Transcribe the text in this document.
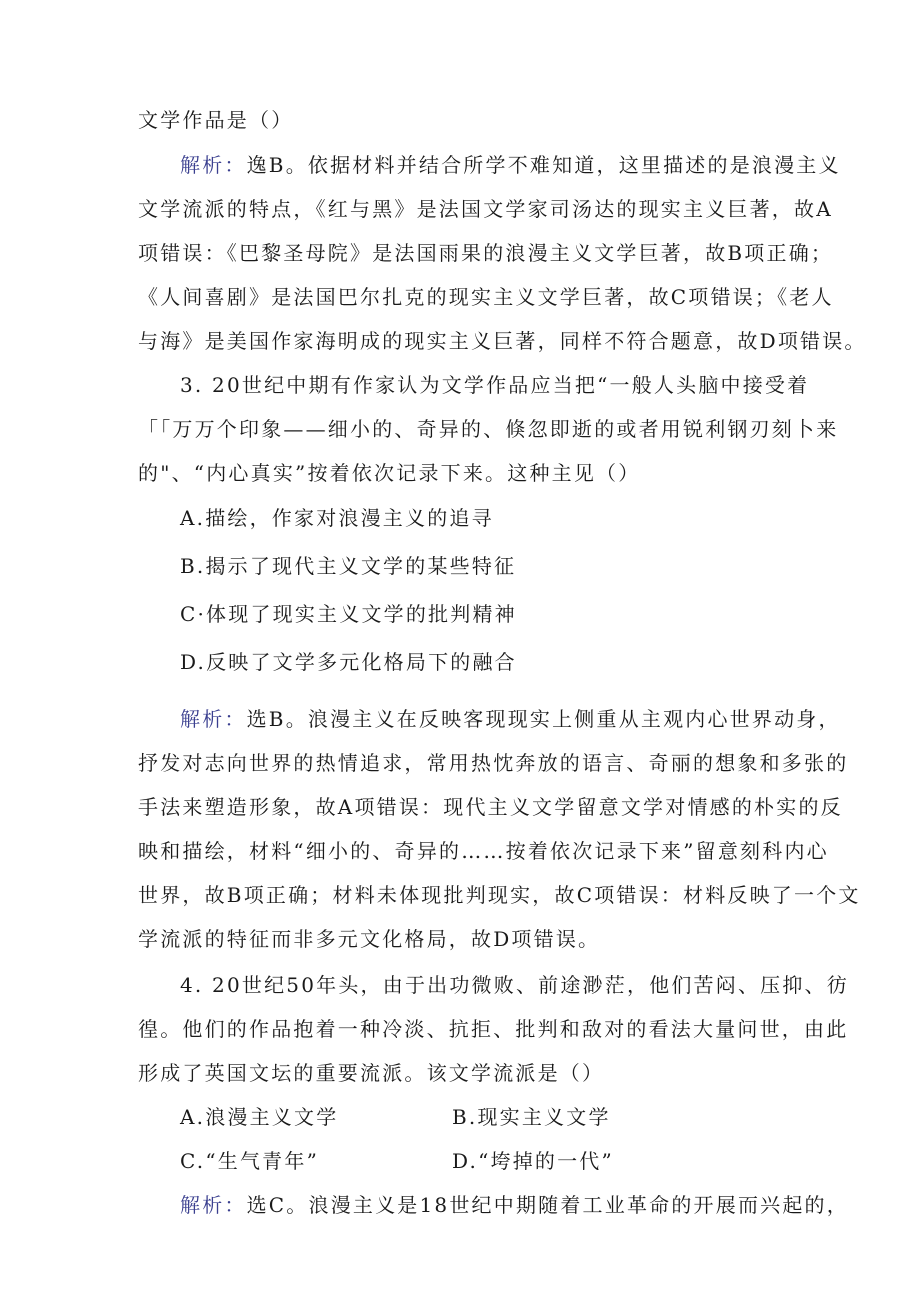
文学作品是（）
解析：逸B。依据材料并结合所学不难知道，这里描述的是浪漫主义
文学流派的特点，《红与黑》是法国文学家司汤达的现实主义巨著，故A
项错误：《巴黎圣母院》是法国雨果的浪漫主义文学巨著，故B项正确；
《人间喜剧》是法国巴尔扎克的现实主义文学巨著，故C项错误；《老人
与海》是美国作家海明成的现实主义巨著，同样不符合题意，故D项错误。
3. 20世纪中期有作家认为文学作品应当把“一般人头脑中接受着
「「万万个印象——细小的、奇异的、倏忽即逝的或者用锐利钢刃刻卜来
的"、“内心真实”按着依次记录下来。这种主见（）
A.描绘，作家对浪漫主义的追寻
B.揭示了现代主义文学的某些特征
C·体现了现实主义文学的批判精神
D.反映了文学多元化格局下的融合
解析：选B。浪漫主义在反映客现现实上侧重从主观内心世界动身，
抒发对志向世界的热情追求，常用热忱奔放的语言、奇丽的想象和多张的
手法来塑造形象，故A项错误：现代主义文学留意文学对情感的朴实的反
映和描绘，材料“细小的、奇异的……按着依次记录下来”留意刻科内心
世界，故B项正确；材料未体现批判现实，故C项错误：材料反映了一个文
学流派的特征而非多元文化格局，故D项错误。
4. 20世纪50年头，由于出功微败、前途渺茫，他们苦闷、压抑、彷
徨。他们的作品抱着一种冷淡、抗拒、批判和敌对的看法大量问世，由此
形成了英国文坛的重要流派。该文学流派是（）
A.浪漫主义文学	B.现实主义文学
C.“生气青年”	D.“垮掉的一代”
解析：选C。浪漫主义是18世纪中期随着工业革命的开展而兴起的，
